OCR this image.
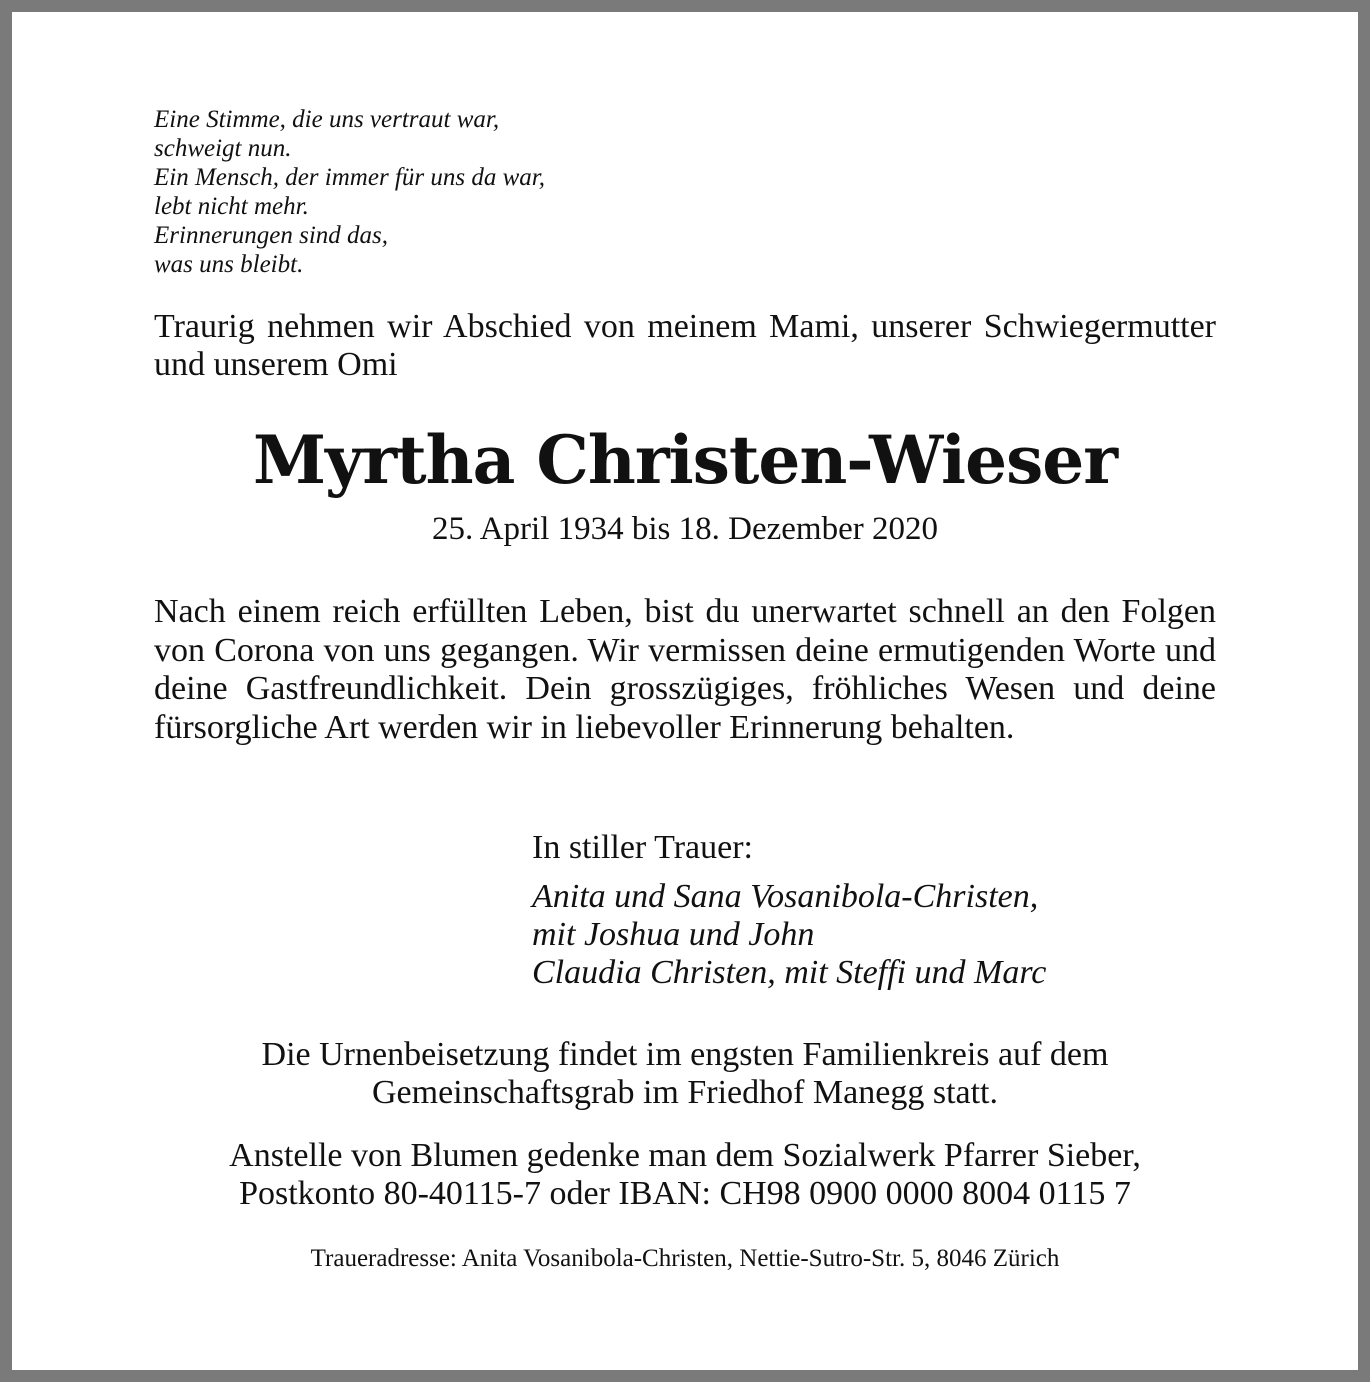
Eine Stimme, die uns vertraut war,
schweigt nun.
Ein Mensch, der immer für uns da war,
lebt nicht mehr.
Erinnerungen sind das,
was uns bleibt.
Traurig nehmen wir Abschied von meinem Mami, unserer Schwiegermutter und unserem Omi
Myrtha Christen-Wieser
25. April 1934 bis 18. Dezember 2020
Nach einem reich erfüllten Leben, bist du unerwartet schnell an den Folgen von Corona von uns gegangen. Wir vermissen deine ermutigenden Worte und deine Gastfreundlichkeit. Dein grosszügiges, fröhliches Wesen und deine fürsorgliche Art werden wir in liebevoller Erinnerung behalten.
In stiller Trauer:
Anita und Sana Vosanibola-Christen,
mit Joshua und John
Claudia Christen, mit Steffi und Marc
Die Urnenbeisetzung findet im engsten Familienkreis auf dem
Gemeinschaftsgrab im Friedhof Manegg statt.
Anstelle von Blumen gedenke man dem Sozialwerk Pfarrer Sieber,
Postkonto 80-40115-7 oder IBAN: CH98 0900 0000 8004 0115 7
Traueradresse: Anita Vosanibola-Christen, Nettie-Sutro-Str. 5, 8046 Zürich
